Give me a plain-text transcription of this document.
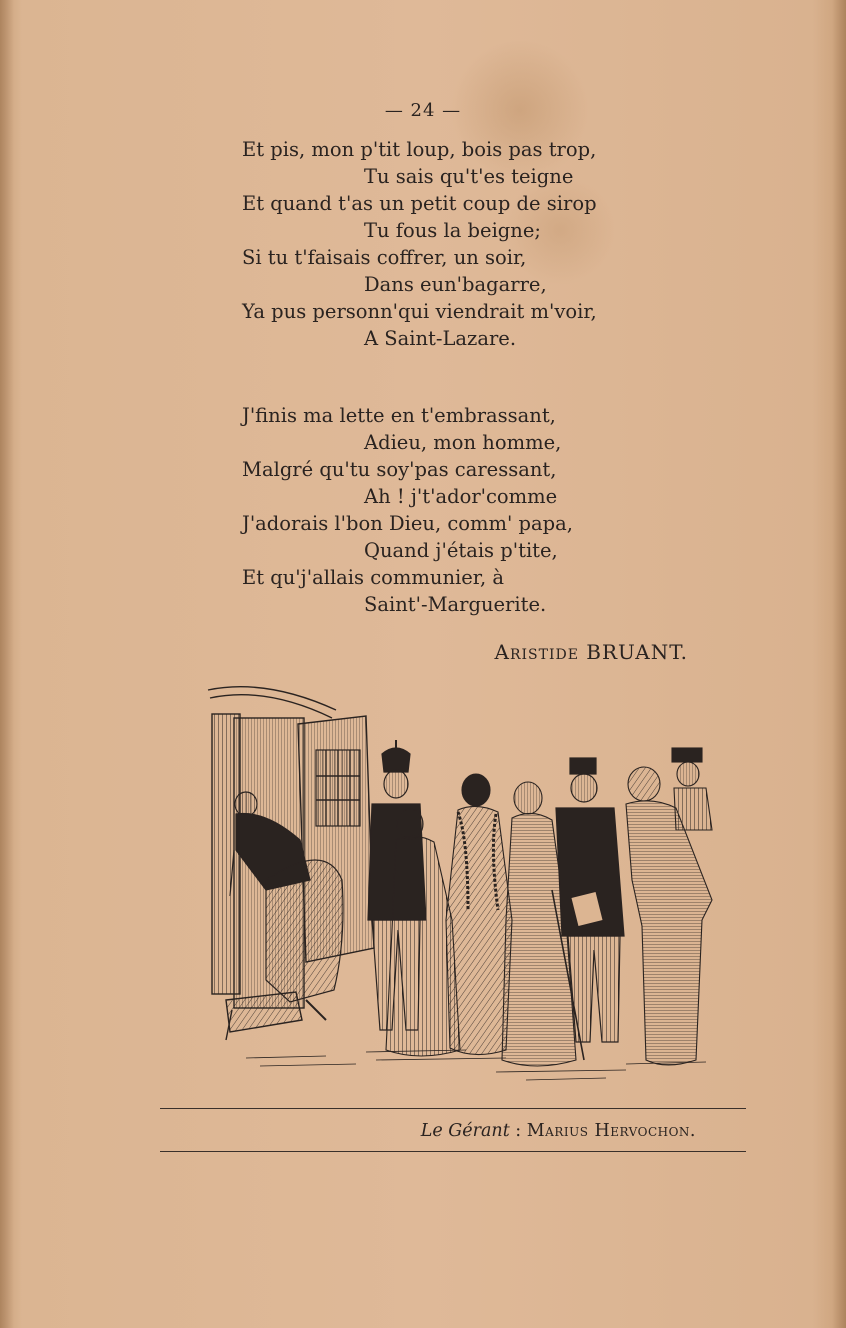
— 24 —
Et pis, mon p'tit loup, bois pas trop,
Tu sais qu't'es teigne
Et quand t'as un petit coup de sirop
Tu fous la beigne;
Si tu t'faisais coffrer, un soir,
Dans eun'bagarre,
Ya pus personn'qui viendrait m'voir,
A Saint-Lazare.
J'finis ma lette en t'embrassant,
Adieu, mon homme,
Malgré qu'tu soy'pas caressant,
Ah ! j't'ador'comme
J'adorais l'bon Dieu, comm' papa,
Quand j'étais p'tite,
Et qu'j'allais communier, à
Saint'-Marguerite.
Aristide BRUANT.
Le Gérant : Marius Hervochon.
